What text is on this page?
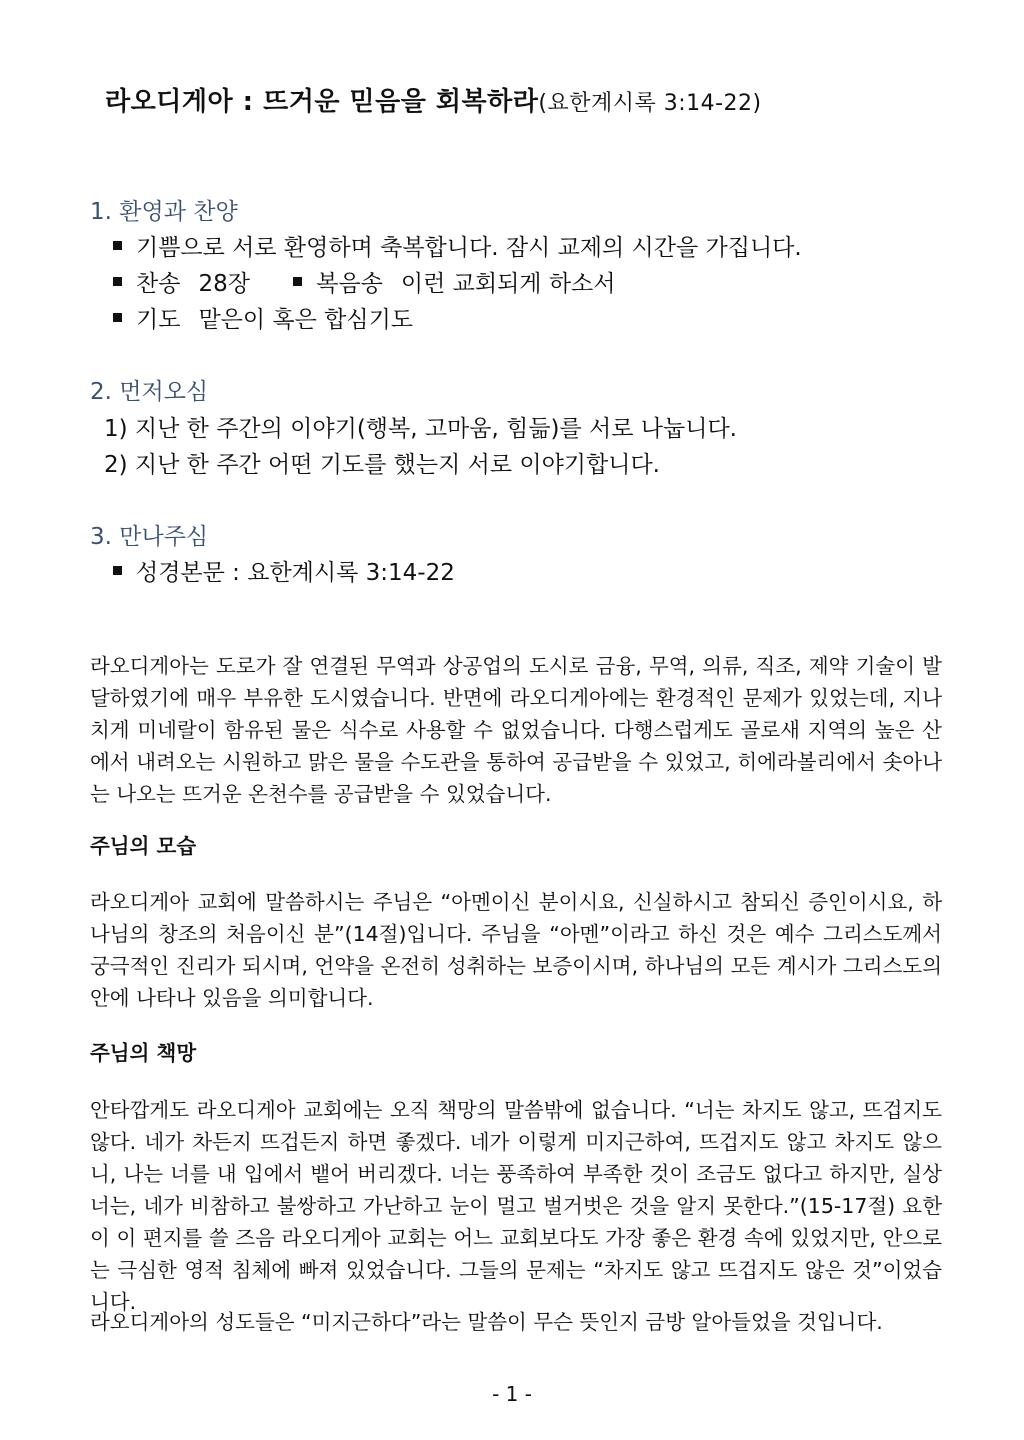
라오디게아 : 뜨거운 믿음을 회복하라(요한계시록 3:14-22)
1. 환영과 찬양
기쁨으로 서로 환영하며 축복합니다. 잠시 교제의 시간을 가집니다.
찬송 28장	복음송 이런 교회되게 하소서
기도 맡은이 혹은 합심기도
2. 먼저오심
1) 지난 한 주간의 이야기(행복, 고마움, 힘듦)를 서로 나눕니다.
2) 지난 한 주간 어떤 기도를 했는지 서로 이야기합니다.
3. 만나주심
성경본문 : 요한계시록 3:14-22

라오디게아는 도로가 잘 연결된 무역과 상공업의 도시로 금융, 무역, 의류, 직조, 제약 기술이 발달하였기에 매우 부유한 도시였습니다. 반면에 라오디게아에는 환경적인 문제가 있었는데, 지나치게 미네랄이 함유된 물은 식수로 사용할 수 없었습니다. 다행스럽게도 골로새 지역의 높은 산에서 내려오는 시원하고 맑은 물을 수도관을 통하여 공급받을 수 있었고, 히에라볼리에서 솟아나는 나오는 뜨거운 온천수를 공급받을 수 있었습니다.

주님의 모습

라오디게아 교회에 말씀하시는 주님은 “아멘이신 분이시요, 신실하시고 참되신 증인이시요, 하나님의 창조의 처음이신 분”(14절)입니다. 주님을 “아멘”이라고 하신 것은 예수 그리스도께서 궁극적인 진리가 되시며, 언약을 온전히 성취하는 보증이시며, 하나님의 모든 계시가 그리스도의 안에 나타나 있음을 의미합니다.

주님의 책망

안타깝게도 라오디게아 교회에는 오직 책망의 말씀밖에 없습니다. “너는 차지도 않고, 뜨겁지도 않다. 네가 차든지 뜨겁든지 하면 좋겠다. 네가 이렇게 미지근하여, 뜨겁지도 않고 차지도 않으니, 나는 너를 내 입에서 뱉어 버리겠다. 너는 풍족하여 부족한 것이 조금도 없다고 하지만, 실상 너는, 네가 비참하고 불쌍하고 가난하고 눈이 멀고 벌거벗은 것을 알지 못한다.”(15-17절) 요한이 이 편지를 쓸 즈음 라오디게아 교회는 어느 교회보다도 가장 좋은 환경 속에 있었지만, 안으로는 극심한 영적 침체에 빠져 있었습니다. 그들의 문제는 “차지도 않고 뜨겁지도 않은 것”이었습니다.

라오디게아의 성도들은 “미지근하다”라는 말씀이 무슨 뜻인지 금방 알아들었을 것입니다.

- 1 -
